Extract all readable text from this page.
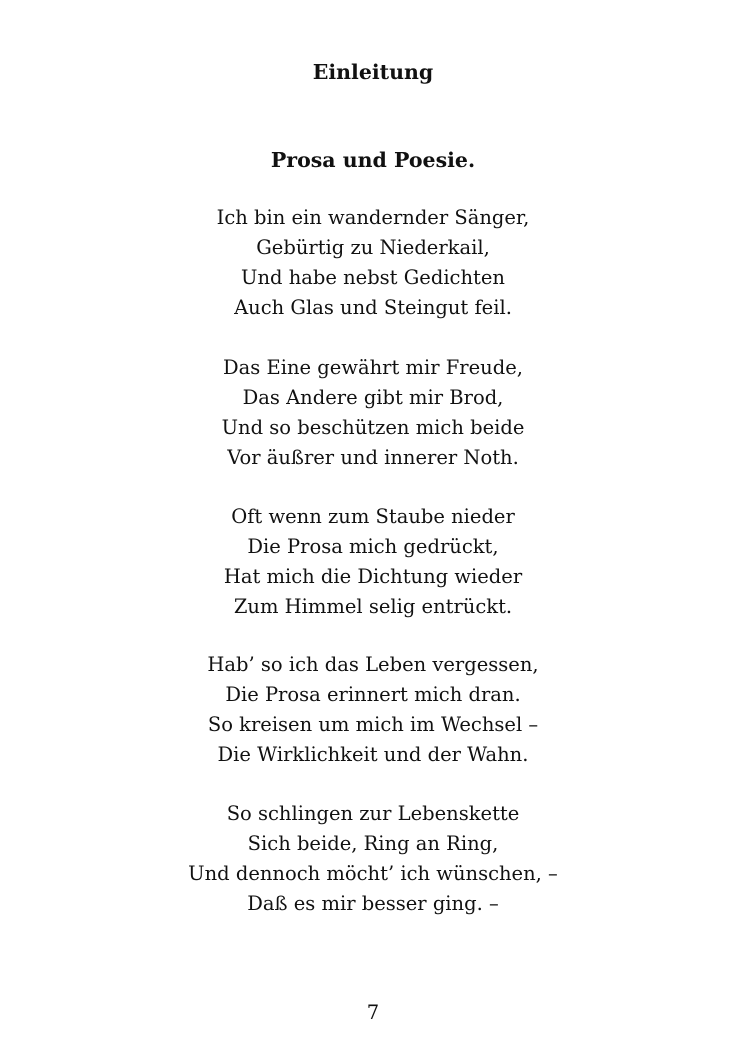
Einleitung
Prosa und Poesie.
Ich bin ein wandernder Sänger,
Gebürtig zu Niederkail,
Und habe nebst Gedichten
Auch Glas und Steingut feil.
Das Eine gewährt mir Freude,
Das Andere gibt mir Brod,
Und so beschützen mich beide
Vor äußrer und innerer Noth.
Oft wenn zum Staube nieder
Die Prosa mich gedrückt,
Hat mich die Dichtung wieder
Zum Himmel selig entrückt.
Hab’ so ich das Leben vergessen,
Die Prosa erinnert mich dran.
So kreisen um mich im Wechsel –
Die Wirklichkeit und der Wahn.
So schlingen zur Lebenskette
Sich beide, Ring an Ring,
Und dennoch möcht’ ich wünschen, –
Daß es mir besser ging. –
7
